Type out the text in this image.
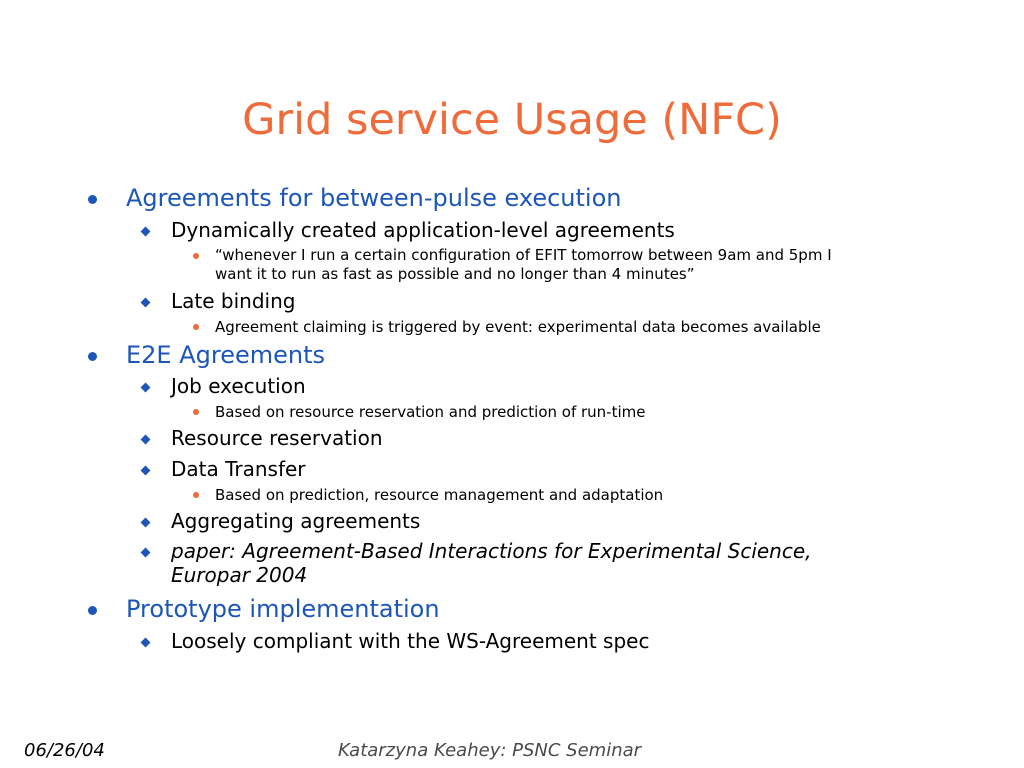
Grid service Usage (NFC)
Agreements for between-pulse execution
Dynamically created application-level agreements
“whenever I run a certain configuration of EFIT tomorrow between 9am and 5pm I
want it to run as fast as possible and no longer than 4 minutes”
Late binding
Agreement claiming is triggered by event: experimental data becomes available
E2E Agreements
Job execution
Based on resource reservation and prediction of run-time
Resource reservation
Data Transfer
Based on prediction, resource management and adaptation
Aggregating agreements
paper: Agreement-Based Interactions for Experimental Science,
Europar 2004
Prototype implementation
Loosely compliant with the WS-Agreement spec
06/26/04	Katarzyna Keahey: PSNC Seminar
